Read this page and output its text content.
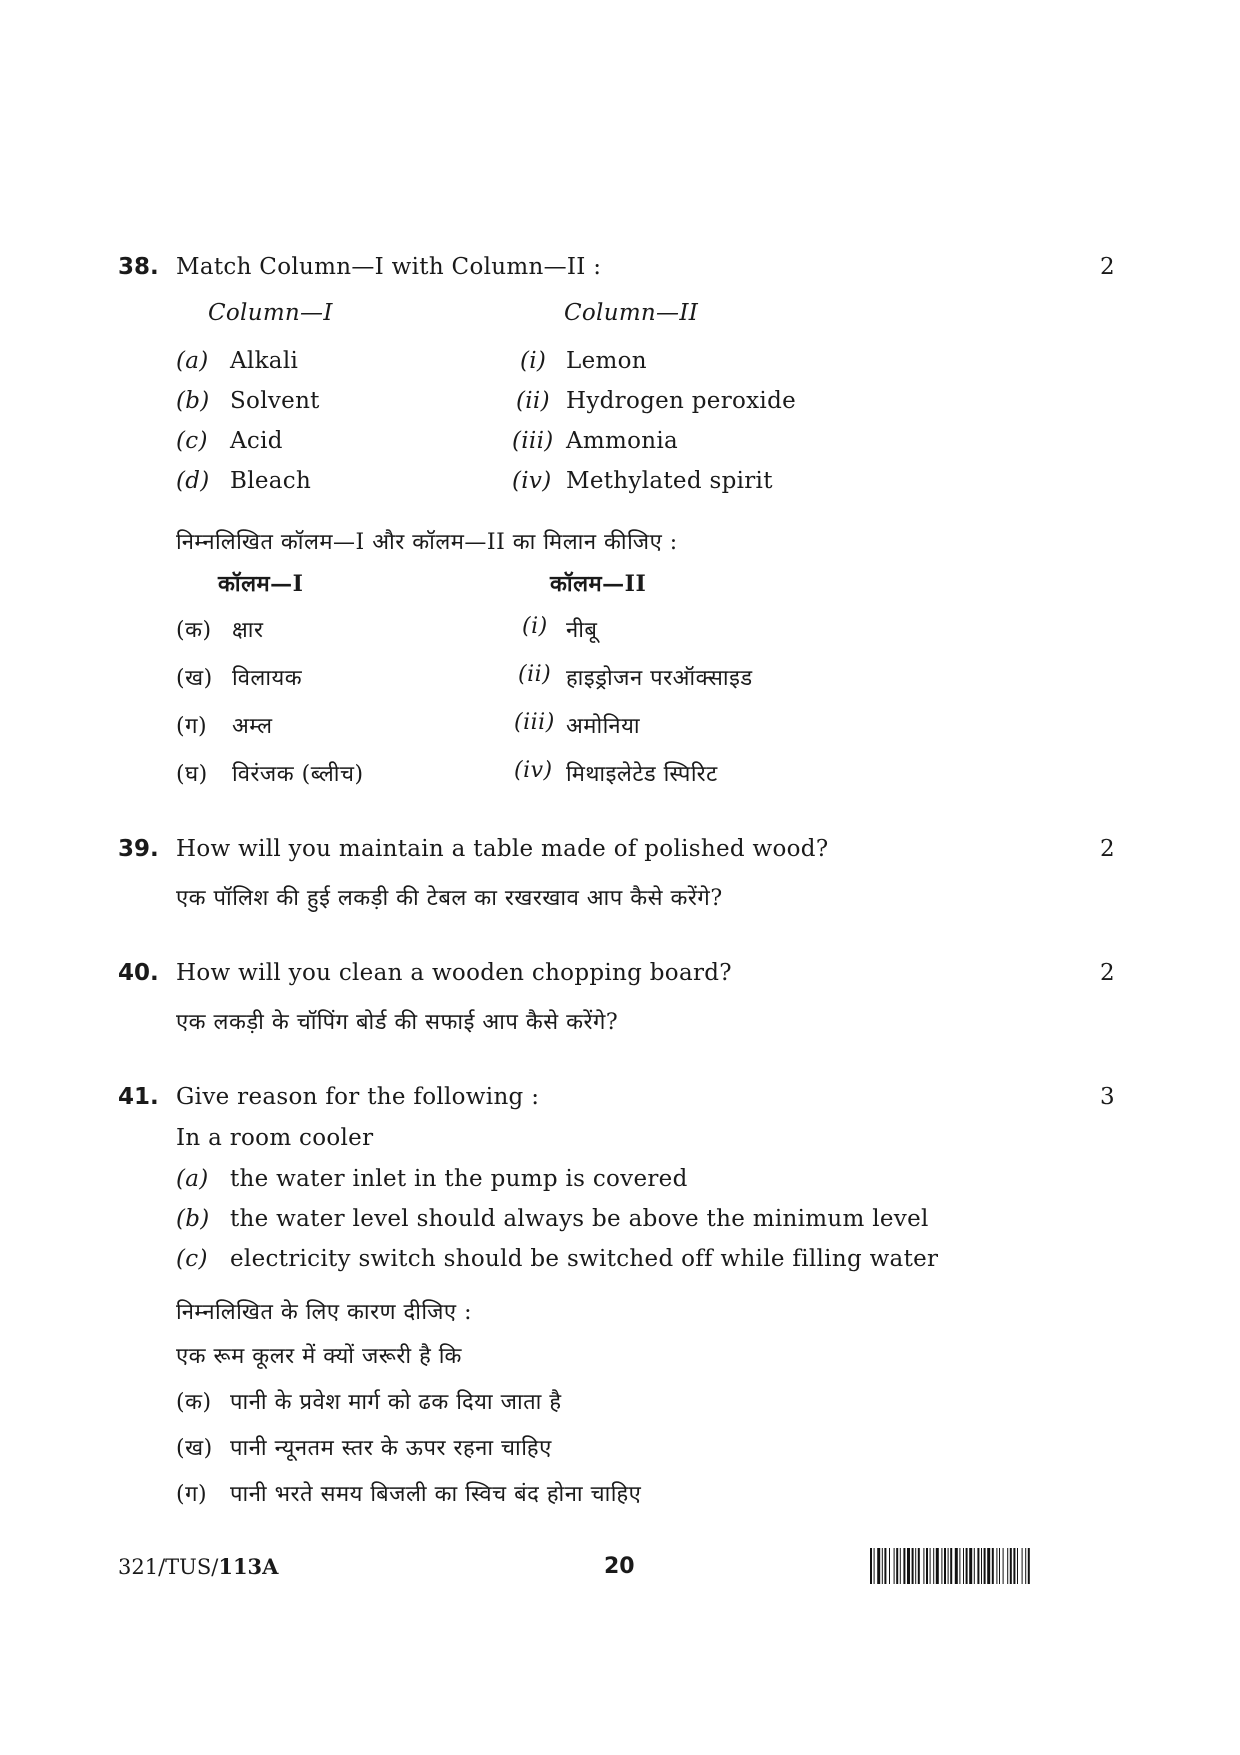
38. Match Column—I with Column—II :	2
Column—I	Column—II
(a) Alkali	(i) Lemon
(b) Solvent	(ii) Hydrogen peroxide
(c) Acid	(iii) Ammonia
(d) Bleach	(iv) Methylated spirit
निम्नलिखित कॉलम—I और कॉलम—II का मिलान कीजिए :
कॉलम—I	कॉलम—II
(क) क्षार	(i) नीबू
(ख) विलायक	(ii) हाइड्रोजन परऑक्साइड
(ग) अम्ल	(iii) अमोनिया
(घ) विरंजक (ब्लीच)	(iv) मिथाइलेटेड स्पिरिट
39. How will you maintain a table made of polished wood?	2
एक पॉलिश की हुई लकड़ी की टेबल का रखरखाव आप कैसे करेंगे?
40. How will you clean a wooden chopping board?	2
एक लकड़ी के चॉपिंग बोर्ड की सफाई आप कैसे करेंगे?
41. Give reason for the following :	3
In a room cooler
(a) the water inlet in the pump is covered
(b) the water level should always be above the minimum level
(c) electricity switch should be switched off while filling water
निम्नलिखित के लिए कारण दीजिए :
एक रूम कूलर में क्यों जरूरी है कि
(क) पानी के प्रवेश मार्ग को ढक दिया जाता है
(ख) पानी न्यूनतम स्तर के ऊपर रहना चाहिए
(ग) पानी भरते समय बिजली का स्विच बंद होना चाहिए
321/TUS/113A	20
